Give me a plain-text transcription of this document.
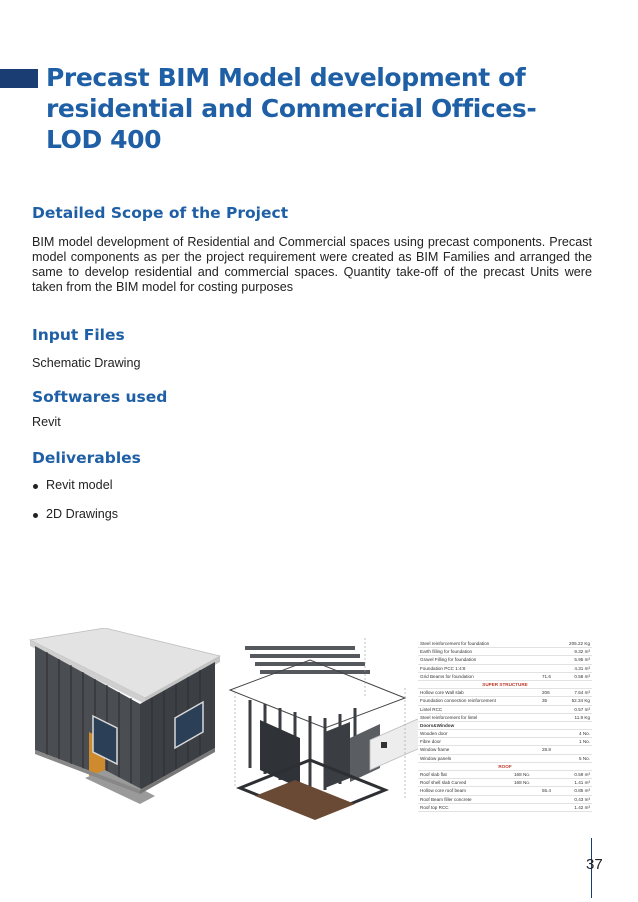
Precast BIM Model development of
residential and Commercial Offices-
LOD 400
Detailed Scope of the Project

BIM model development of Residential and Commercial spaces using precast components. Precast model components as per the project requirement were created as BIM Families and arranged the same to develop residential and commercial spaces. Quantity take-off of the precast Units were taken from the BIM model for costing purposes

Input Files

Schematic Drawing

Softwares used

Revit

Deliverables
Revit model
2D Drawings
Steel reinforcement for foundation	205.22 Kg
Earth filling for foundation	9.32 m³
Gravel Filling for foundation	5.95 m³
Foundation PCC 1:4:8	4.31 m³
Grid Beams for foundation	71.6	0.58 m³
SUPER STRUCTURE
Hollow core Wall slab	206	7.64 m³
Foundation connection reinforcement	35	52.34 Kg
Lintel RCC	0.57 m³
Steel reinforcement for lintel	11.9 Kg
Doors&Window
Wooden door	4 No.
Fibre door	1 No.
Window frame	28.8
Window panels	5 No.
ROOF
Roof slab flat	168 No.	0.59 m³
Roof shell slab Curved	168 No.	1.41 m³
Hollow core roof beam	55.4	0.85 m³
Roof Beam filler concrete	0.43 m³
Roof top RCC	1.42 m³
37
